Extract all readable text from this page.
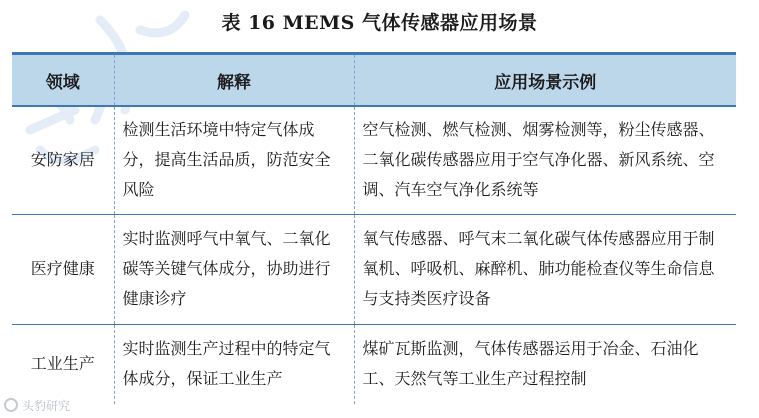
表 16 MEMS 气体传感器应用场景
领域	解释	应用场景示例
安防家居	检测生活环境中特定气体成分，提高生活品质，防范安全风险	空气检测、燃气检测、烟雾检测等，粉尘传感器、二氧化碳传感器应用于空气净化器、新风系统、空调、汽车空气净化系统等
医疗健康	实时监测呼气中氧气、二氧化碳等关键气体成分，协助进行健康诊疗	氧气传感器、呼气末二氧化碳气体传感器应用于制氧机、呼吸机、麻醉机、肺功能检查仪等生命信息与支持类医疗设备
工业生产	实时监测生产过程中的特定气体成分，保证工业生产	煤矿瓦斯监测，气体传感器运用于冶金、石油化工、天然气等工业生产过程控制
头豹研究
